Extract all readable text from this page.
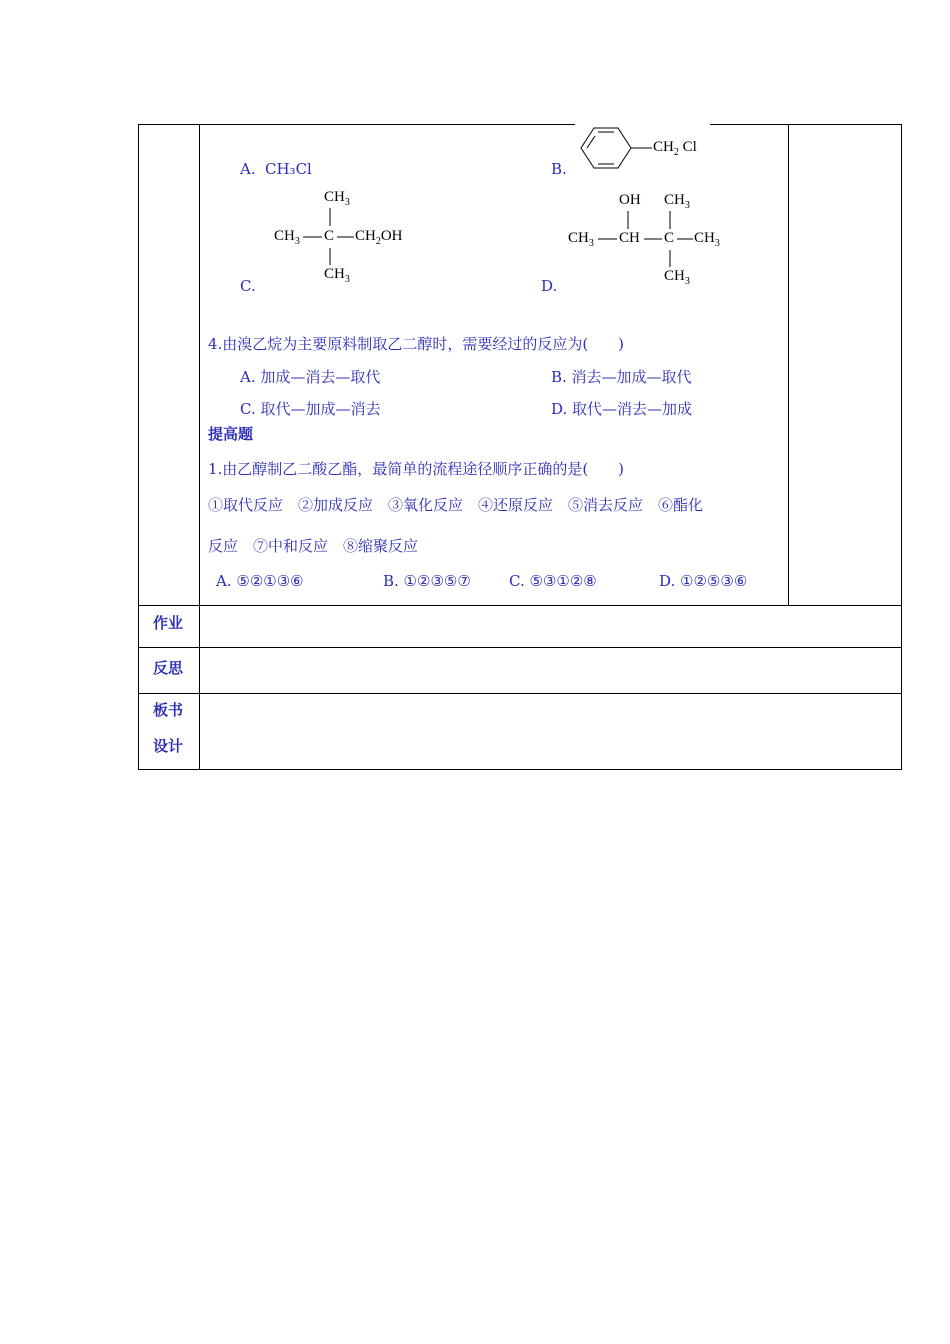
A. CH₃Cl	B.
$CH_2$ Cl
$CH_3$
$CH_3$ C $CH_2OH$
$CH_3$
C.
OH $CH_3$
$CH_3$ CH C $CH_3$
$CH_3$
D.
4.由溴乙烷为主要原料制取乙二醇时，需要经过的反应为(　　)
A. 加成—消去—取代	B. 消去—加成—取代
C. 取代—加成—消去	D. 取代—消去—加成
提高题
1.由乙醇制乙二酸乙酯，最简单的流程途径顺序正确的是(　　)
①取代反应　②加成反应　③氧化反应　④还原反应　⑤消去反应　⑥酯化
反应　⑦中和反应　⑧缩聚反应
A. ⑤②①③⑥	B. ①②③⑤⑦	C. ⑤③①②⑧	D. ①②⑤③⑥
作业
反思
板书
设计
